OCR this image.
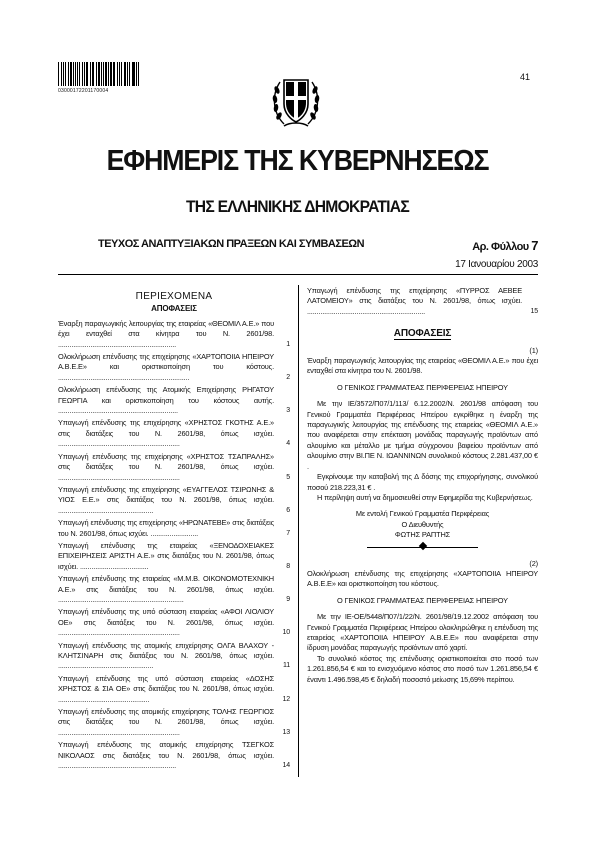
03000172201170004
41
ΕΦΗΜΕΡΙΣ ΤΗΣ ΚΥΒΕΡΝΗΣΕΩΣ
ΤΗΣ ΕΛΛΗΝΙΚΗΣ ΔΗΜΟΚΡΑΤΙΑΣ
ΤΕΥΧΟΣ ΑΝΑΠΤΥΞΙΑΚΩΝ ΠΡΑΞΕΩΝ ΚΑΙ ΣΥΜΒΑΣΕΩΝ	Αρ. Φύλλου 7
17 Ιανουαρίου 2003
ΠΕΡΙΕΧΟΜΕΝΑ
ΑΠΟΦΑΣΕΙΣ
Έναρξη παραγωγικής λειτουργίας της εταιρείας «ΘΕΟΜΙΛ Α.Ε.» που έχει ενταχθεί στα κίνητρα του Ν. 2601/98. ..............................................................	1
Ολοκλήρωση επένδυσης της επιχείρησης «ΧΑΡΤΟΠΟΙΙΑ ΗΠΕΙΡΟΥ Α.Β.Ε.Ε» και οριστικοποίηση του κόστους. .....................................................................	2
Ολοκλήρωση επένδυσης της Ατομικής Επιχείρησης ΡΗΓΑΤΟΥ ΓΕΩΡΓΙΑ και οριστικοποίηση του κόστους αυτής. ...............................................................	3
Υπαγωγή επένδυσης της επιχείρησης «ΧΡΗΣΤΟΣ ΓΚΟΤΗΣ Α.Ε.» στις διατάξεις του Ν. 2601/98, όπως ισχύει. ................................................................	4
Υπαγωγή επένδυσης της επιχείρησης «ΧΡΗΣΤΟΣ ΤΣΑΠΡΑΛΗΣ» στις διατάξεις του Ν. 2601/98, όπως ισχύει. ................................................................	5
Υπαγωγή επένδυσης της επιχείρησης «ΕΥΑΓΓΕΛΟΣ ΤΣΙΡΩΝΗΣ & ΥΙΟΣ Ε.Ε.» στις διατάξεις του Ν. 2601/98, όπως ισχύει. ..................................................	6
Υπαγωγή επένδυσης της επιχείρησης «ΗΡΩΝΑΤΕΒΕ» στις διατάξεις του Ν. 2601/98, όπως ισχύει. .........................	7
Υπαγωγή επένδυσης της εταιρείας «ΞΕΝΟΔΟΧΕΙΑΚΕΣ ΕΠΙΧΕΙΡΗΣΕΙΣ ΑΡΙΣΤΗ Α.Ε.» στις διατάξεις του Ν. 2601/98, όπως ισχύει. ....................................	8
Υπαγωγή επένδυσης της εταιρείας «Μ.Μ.Β. ΟΙΚΟΝΟΜΟΤΕΧΝΙΚΗ Α.Ε.» στις διατάξεις του Ν. 2601/98, όπως ισχύει. ..................................................................	9
Υπαγωγή επένδυσης της υπό σύσταση εταιρείας «ΑΦΟΙ ΛΙΟΛΙΟΥ ΟΕ» στις διατάξεις του Ν. 2601/98, όπως ισχύει. ................................................................	10
Υπαγωγή επένδυσης της ατομικής επιχείρησης ΟΛΓΑ ΒΛΑΧΟΥ - ΚΛΗΤΣΙΝΑΡΗ στις διατάξεις του Ν. 2601/98, όπως ισχύει. ..................................................	11
Υπαγωγή επένδυσης της υπό σύσταση εταιρείας «ΔΟΣΗΣ ΧΡΗΣΤΟΣ & ΣΙΑ ΟΕ» στις διατάξεις του Ν. 2601/98, όπως ισχύει. ................................................	12
Υπαγωγή επένδυσης της ατομικής επιχείρησης ΤΟΛΗΣ ΓΕΩΡΓΙΟΣ στις διατάξεις του Ν. 2601/98, όπως ισχύει. ................................................................	13
Υπαγωγή επένδυσης της ατομικής επιχείρησης ΤΣΕΓΚΟΣ ΝΙΚΟΛΑΟΣ στις διατάξεις του Ν. 2601/98, όπως ισχύει. ..............................................................	14
Υπαγωγή επένδυσης της επιχείρησης «ΠΥΡΡΟΣ ΑΕΒΕΕ ΛΑΤΟΜΕΙΟΥ» στις διατάξεις του Ν. 2601/98, όπως ισχύει. ..............................................................	15
ΑΠΟΦΑΣΕΙΣ
(1)
Έναρξη παραγωγικής λειτουργίας της εταιρείας «ΘΕΟΜΙΛ Α.Ε.» που έχει ενταχθεί στα κίνητρα του Ν. 2601/98.
Ο ΓΕΝΙΚΟΣ ΓΡΑΜΜΑΤΕΑΣ ΠΕΡΙΦΕΡΕΙΑΣ ΗΠΕΙΡΟΥ
Με την ΙΕ/3572/Π07/1/113/ 6.12.2002/Ν. 2601/98 απόφαση του Γενικού Γραμματέα Περιφέρειας Ηπείρου εγκρίθηκε η έναρξη της παραγωγικής λειτουργίας της επένδυσης της εταιρείας «ΘΕΟΜΙΛ Α.Ε.» που αναφέρεται στην επέκταση μονάδας παραγωγής προϊόντων από αλουμίνιο και μέταλλο με τμήμα σύγχρονου βαφείου προϊόντων από αλουμίνιο στην ΒΙ.ΠΕ Ν. ΙΩΑΝΝΙΝΩΝ συνολικού κόστους 2.281.437,00 € .
Εγκρίνουμε την καταβολή της Δ δόσης της επιχορήγησης, συνολικού ποσού 218.223,31 € .
Η περίληψη αυτή να δημοσιευθεί στην Εφημερίδα της Κυβερνήσεως.
Με εντολή Γενικού Γραμματέα Περιφέρειας
Ο Διευθυντής
ΦΩΤΗΣ ΡΑΠΤΗΣ
(2)
Ολοκλήρωση επένδυσης της επιχείρησης «ΧΑΡΤΟΠΟΙΙΑ ΗΠΕΙΡΟΥ Α.Β.Ε.Ε» και οριστικοποίηση του κόστους.
Ο ΓΕΝΙΚΟΣ ΓΡΑΜΜΑΤΕΑΣ ΠΕΡΙΦΕΡΕΙΑΣ ΗΠΕΙΡΟΥ
Με την ΙΕ-ΟΕ/5448/Π07/1/22/Ν. 2601/98/19.12.2002 απόφαση του Γενικού Γραμματέα Περιφέρειας Ηπείρου ολοκληρώθηκε η επένδυση της εταιρείας «ΧΑΡΤΟΠΟΙΙΑ ΗΠΕΙΡΟΥ Α.Β.Ε.Ε» που αναφέρεται στην ίδρυση μονάδας παραγωγής προϊόντων από χαρτί.
Το συνολικό κόστος της επένδυσης οριστικοποιείται στο ποσό των 1.261.856,54 € και το ενισχυόμενο κόστος στο ποσό των 1.261.856,54 € έναντι 1.496.598,45 € δηλαδή ποσοστό μείωσης 15,69% περίπου.
